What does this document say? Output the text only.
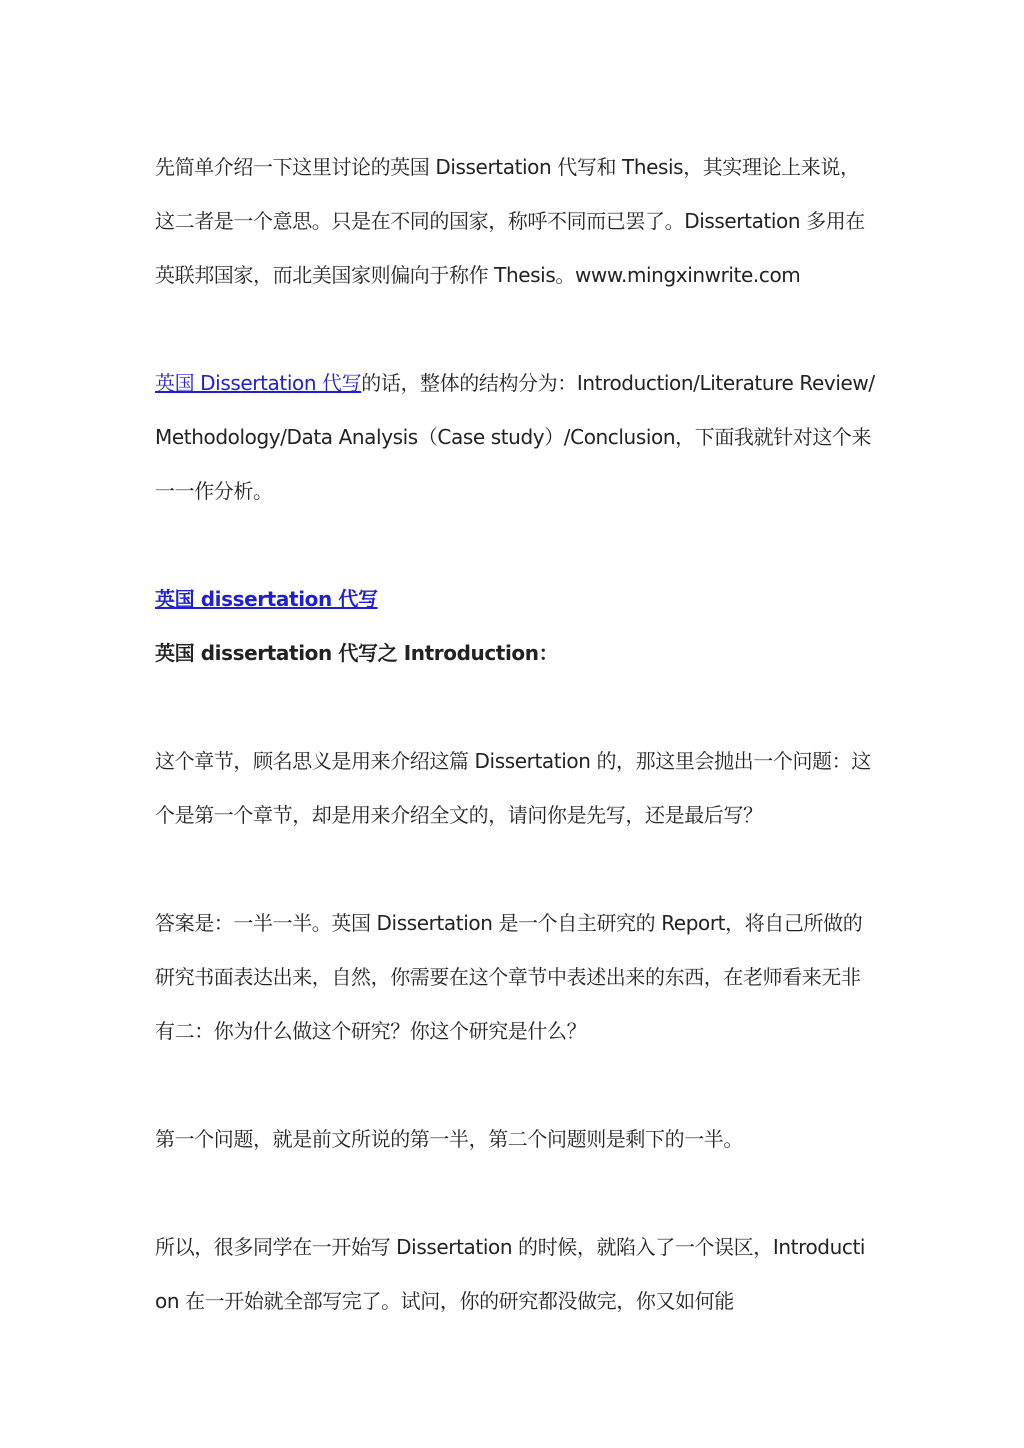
先简单介绍一下这里讨论的英国 Dissertation 代写和 Thesis，其实理论上来说，这二者是一个意思。只是在不同的国家，称呼不同而已罢了。Dissertation 多用在英联邦国家，而北美国家则偏向于称作 Thesis。www.mingxinwrite.com

英国 Dissertation 代写的话，整体的结构分为：Introduction/Literature Review/Methodology/Data Analysis（Case study）/Conclusion，下面我就针对这个来一一作分析。

英国 dissertation 代写

英国 dissertation 代写之 Introduction：

这个章节，顾名思义是用来介绍这篇 Dissertation 的，那这里会抛出一个问题：这个是第一个章节，却是用来介绍全文的，请问你是先写，还是最后写？

答案是：一半一半。英国 Dissertation 是一个自主研究的 Report，将自己所做的研究书面表达出来，自然，你需要在这个章节中表述出来的东西，在老师看来无非有二：你为什么做这个研究？你这个研究是什么？

第一个问题，就是前文所说的第一半，第二个问题则是剩下的一半。

所以，很多同学在一开始写 Dissertation 的时候，就陷入了一个误区，Introduction 在一开始就全部写完了。试问，你的研究都没做完，你又如何能
